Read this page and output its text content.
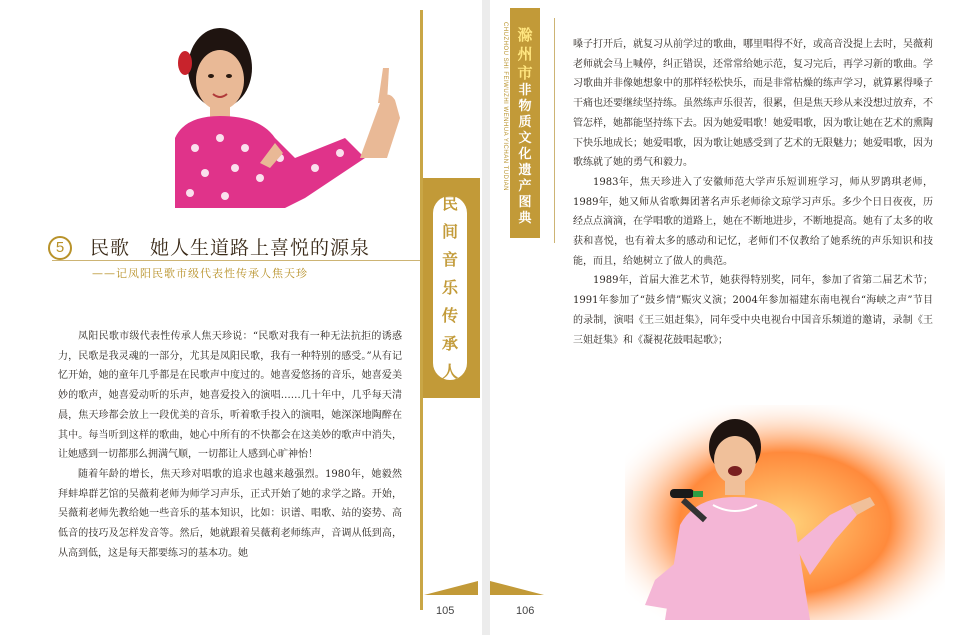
5	民歌　她人生道路上喜悦的源泉
——记凤阳民歌市级代表性传承人焦天珍

凤阳民歌市级代表性传承人焦天珍说：“民歌对我有一种无法抗拒的诱惑力，民歌是我灵魂的一部分，尤其是凤阳民歌，我有一种特别的感受。”从有记忆开始，她的童年几乎都是在民歌声中度过的。她喜爱悠扬的音乐，她喜爱美妙的歌声，她喜爱动听的乐声，她喜爱投入的演唱……几十年中，几乎每天清晨，焦天珍都会放上一段优美的音乐，听着歌手投入的演唱，她深深地陶醉在其中。每当听到这样的歌曲，她心中所有的不快都会在这美妙的歌声中消失，让她感到一切都那么拥满气顺，一切都让人感到心旷神怡！

随着年龄的增长，焦天珍对唱歌的追求也越来越强烈。1980年，她毅然拜蚌埠群艺馆的吴薇莉老师为师学习声乐，正式开始了她的求学之路。开始，吴薇莉老师先教给她一些音乐的基本知识，比如：识谱、唱歌、站的姿势、高低音的技巧及怎样发音等。然后，她就跟着吴薇莉老师练声，音调从低到高，从高到低，这是每天都要练习的基本功。她

民
间
音
乐
传
承
人
105
CHUZHOU SHI FEIWUZHI WENHUA YICHAN TUDIAN 滁
州
市
非
物
质
文
化
遗
产
图
典

嗓子打开后，就复习从前学过的歌曲，哪里唱得不好，或高音没提上去时，吴薇莉老师就会马上喊停，纠正错误，还常常给她示范，复习完后，再学习新的歌曲。学习歌曲并非像她想象中的那样轻松快乐，而是非常枯燥的练声学习，就算累得嗓子干痛也还要继续坚持练。虽然练声乐很苦，很累，但是焦天珍从来没想过放弃，不管怎样，她都能坚持练下去。因为她爱唱歌！她爱唱歌，因为歌让她在艺术的熏陶下快乐地成长；她爱唱歌，因为歌让她感受到了艺术的无限魅力；她爱唱歌，因为歌练就了她的勇气和毅力。

1983年，焦天珍进入了安徽师范大学声乐短训班学习，师从罗鹍琪老师，1989年，她又师从省歌舞团著名声乐老师徐文琼学习声乐。多少个日日夜夜，历经点点滴滴，在学唱歌的道路上，她在不断地进步，不断地提高。她有了太多的收获和喜悦，也有着太多的感动和记忆，老师们不仅教给了她系统的声乐知识和技能，而且，给她树立了做人的典范。

1989年，首届大淮艺术节，她获得特别奖，同年，参加了省第二届艺术节；1991年参加了“鼓乡情”赈灾义演；2004年参加福建东南电视台“海峡之声”节目的录制，演唱《王三姐赶集》，同年受中央电视台中国音乐频道的邀请，录制《王三姐赶集》和《凝視花鼓唱起歌》；

106
